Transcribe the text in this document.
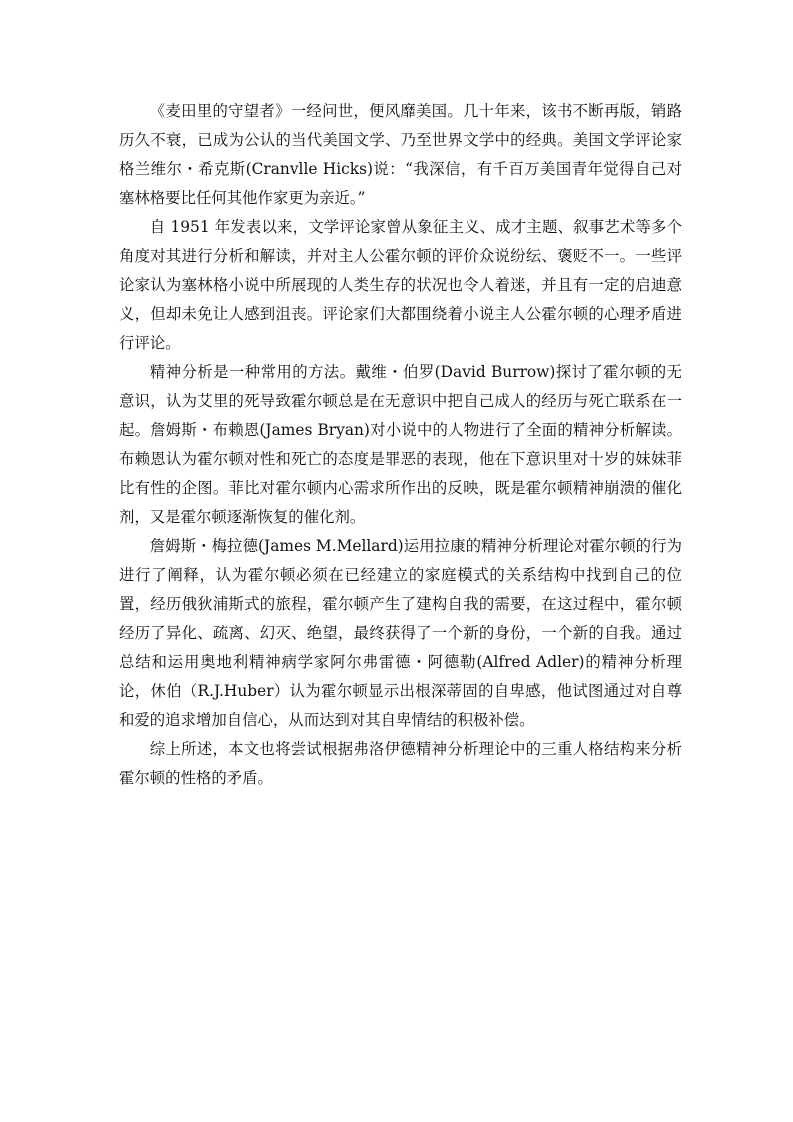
《麦田里的守望者》一经问世，便风靡美国。几十年来，该书不断再版，销路历久不衰，已成为公认的当代美国文学、乃至世界文学中的经典。美国文学评论家格兰维尔・希克斯(Cranvlle Hicks)说：“我深信，有千百万美国青年觉得自己对塞林格要比任何其他作家更为亲近。”

自 1951 年发表以来，文学评论家曾从象征主义、成才主题、叙事艺术等多个角度对其进行分析和解读，并对主人公霍尔顿的评价众说纷纭、褒贬不一。一些评论家认为塞林格小说中所展现的人类生存的状况也令人着迷，并且有一定的启迪意义，但却未免让人感到沮丧。评论家们大都围绕着小说主人公霍尔顿的心理矛盾进行评论。

精神分析是一种常用的方法。戴维・伯罗(David Burrow)探讨了霍尔顿的无意识，认为艾里的死导致霍尔顿总是在无意识中把自己成人的经历与死亡联系在一起。詹姆斯・布赖恩(James Bryan)对小说中的人物进行了全面的精神分析解读。布赖恩认为霍尔顿对性和死亡的态度是罪恶的表现，他在下意识里对十岁的妹妹菲比有性的企图。菲比对霍尔顿内心需求所作出的反映，既是霍尔顿精神崩溃的催化剂，又是霍尔顿逐渐恢复的催化剂。

詹姆斯・梅拉德(James M.Mellard)运用拉康的精神分析理论对霍尔顿的行为进行了阐释，认为霍尔顿必须在已经建立的家庭模式的关系结构中找到自己的位置，经历俄狄浦斯式的旅程，霍尔顿产生了建构自我的需要，在这过程中，霍尔顿经历了异化、疏离、幻灭、绝望，最终获得了一个新的身份，一个新的自我。通过总结和运用奥地利精神病学家阿尔弗雷德・阿德勒(Alfred Adler)的精神分析理论，休伯（R.J.Huber）认为霍尔顿显示出根深蒂固的自卑感，他试图通过对自尊和爱的追求增加自信心，从而达到对其自卑情结的积极补偿。

综上所述，本文也将尝试根据弗洛伊德精神分析理论中的三重人格结构来分析霍尔顿的性格的矛盾。
